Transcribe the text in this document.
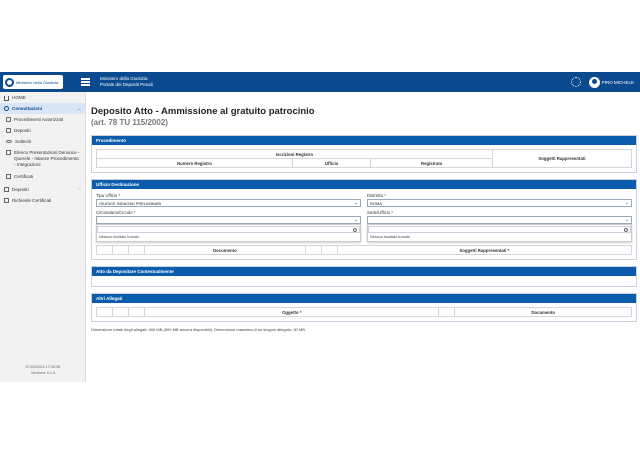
Ministero della Giustizia
Ministero della Giustizia
Portale dei Depositi Penali	PIRO MICHELE
HOME
Consultazioni	︿
Procedimenti Autorizzati
Depositi
Solleciti
Elenco Presentazioni Denunce - Querele - Istanze Procedimento - Integrazioni
Certificati
Depositi	﹀
Richieste Certificati
07/03/2024 17:33:05
Versione 5.1.5
Deposito Atto - Ammissione al gratuito patrocinio
(art. 78 TU 115/2002)
Procedimento
Iscrizioni Registro			Soggetti Rappresentati
Numero Registro	Ufficio	Registrato	
Ufficio Destinazione
Tipo Ufficio *
GIUDICE INDAGINI PRELIMINARI	⌄
Distretto *
ROMA	⌄
Circondario/Circolo *
⌄
Nessun risultato trovato
Sede/Ufficio *
⌄
Nessun risultato trovato
			Documento			Soggetti Rappresentati *
Atto da Depositare Contestualmente
Altri Allegati
			Oggetto *		Documento
Dimensione totale degli allegati: 500 MB (500 MB ancora disponibili). Dimensione massima di un singolo allegato: 30 MB.
